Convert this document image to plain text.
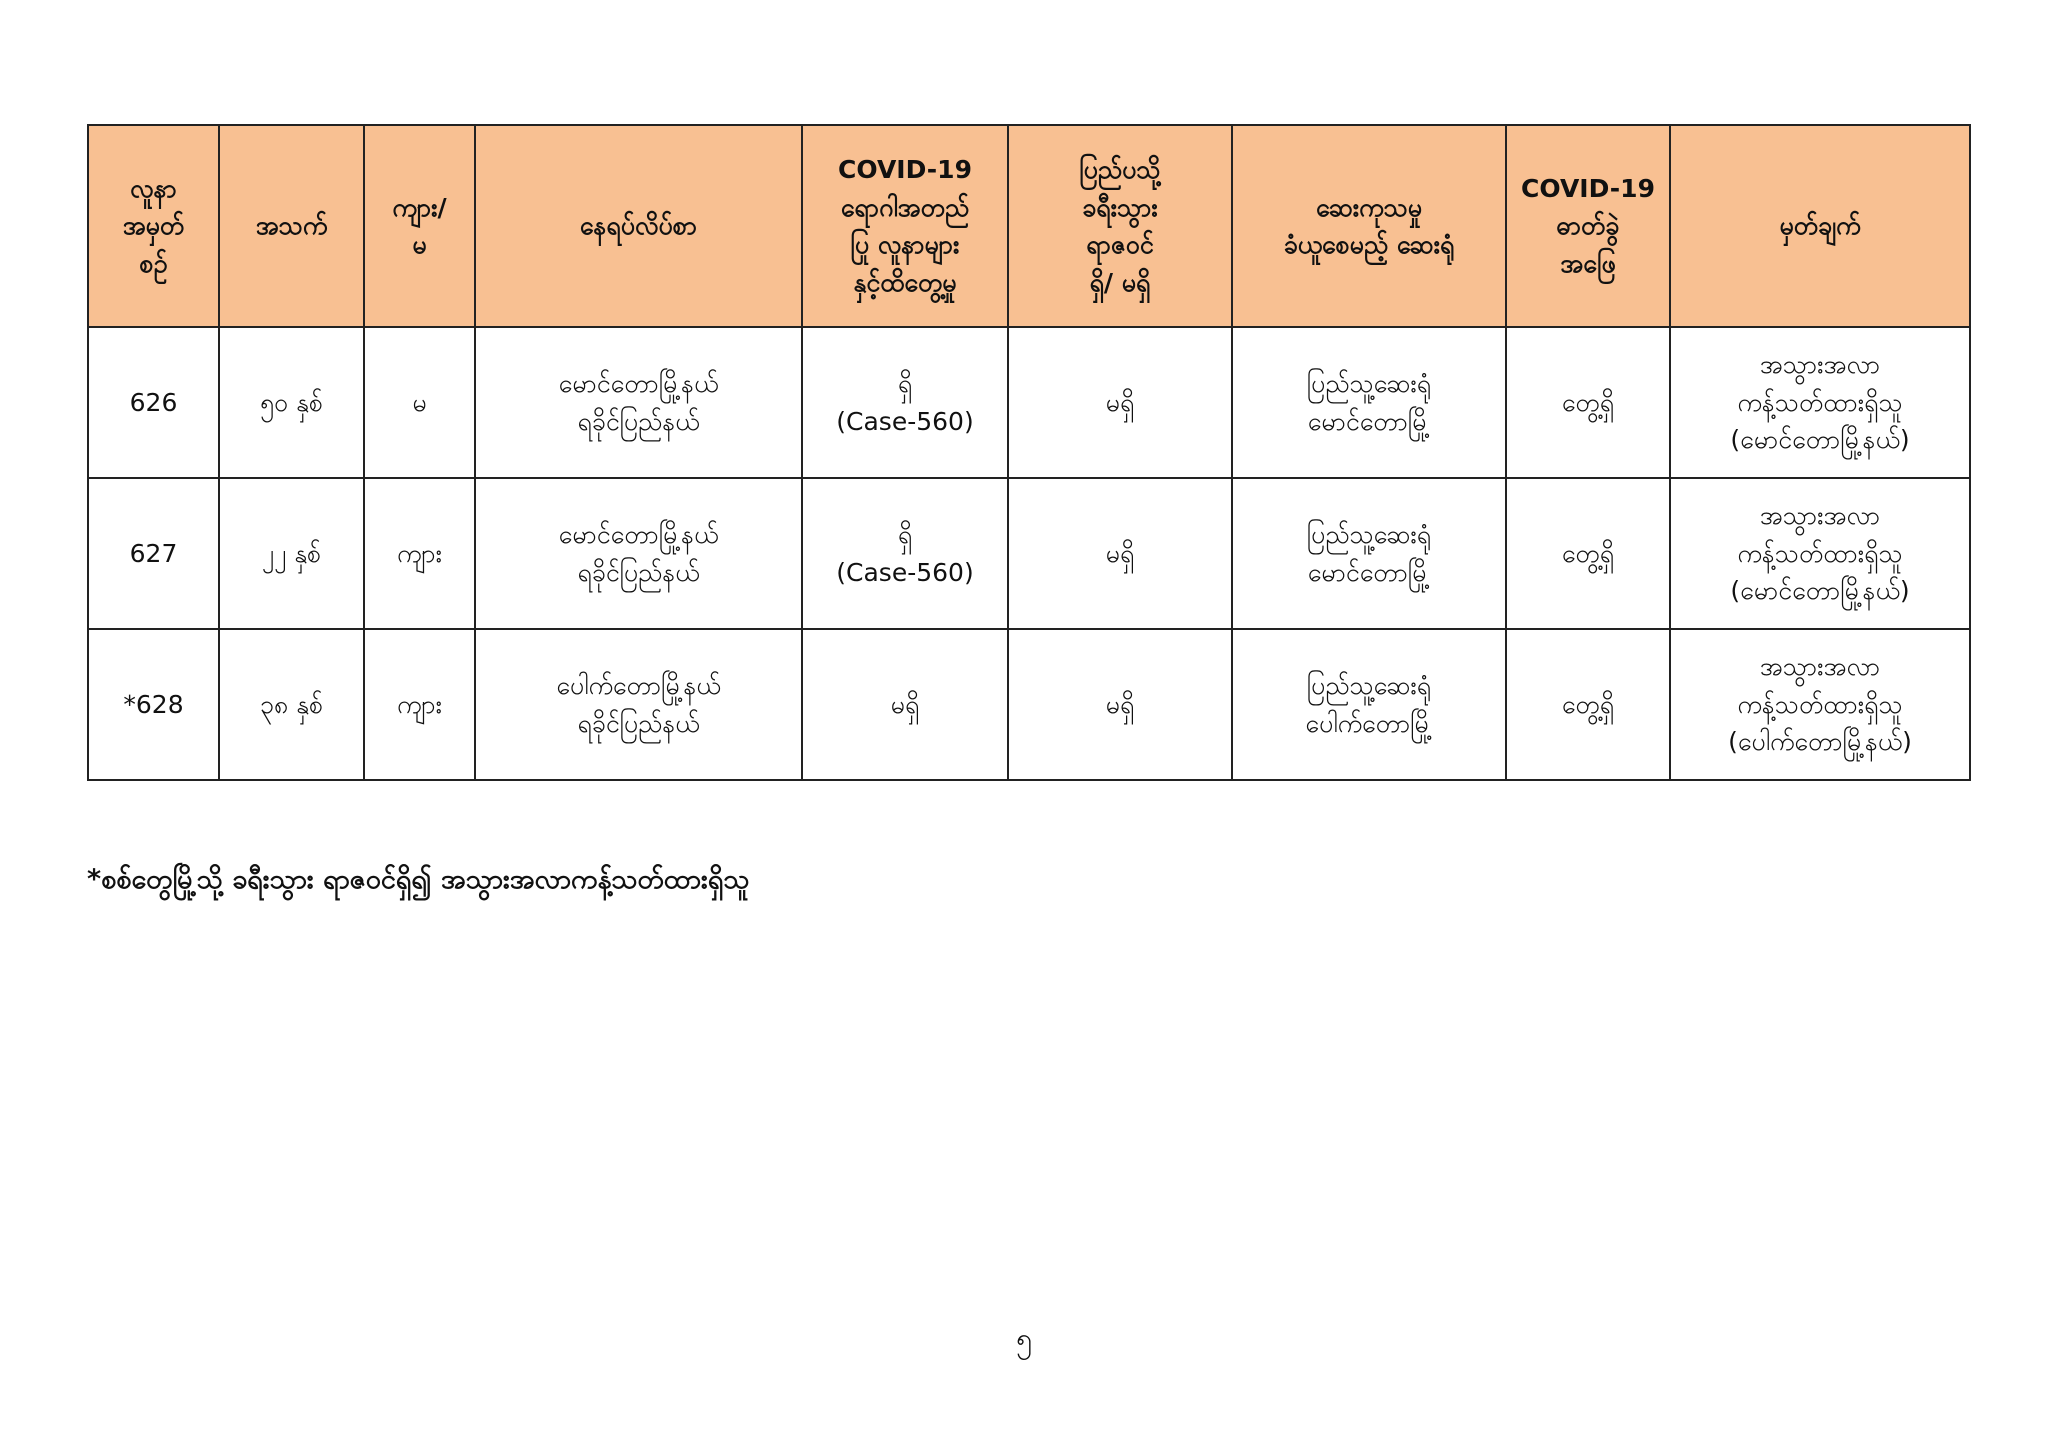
လူနာ
အမှတ်
စဉ်	အသက်	ကျား/
မ	နေရပ်လိပ်စာ	COVID-19
ရောဂါအတည်
ပြု လူနာများ
နှင့်ထိတွေ့မှု	ပြည်ပသို့
ခရီးသွား
ရာဇဝင်
ရှိ/ မရှိ	ဆေးကုသမှု
ခံယူစေမည့် ဆေးရုံ	COVID-19
ဓာတ်ခွဲ
အဖြေ	မှတ်ချက်

626	၅၀ နှစ်	မ	မောင်တောမြို့နယ်
ရခိုင်ပြည်နယ်	ရှိ
(Case-560)	မရှိ	ပြည်သူ့ဆေးရုံ
မောင်တောမြို့	တွေ့ရှိ	အသွားအလာ
ကန့်သတ်ထားရှိသူ
(မောင်တောမြို့နယ်)

627	၂၂ နှစ်	ကျား	မောင်တောမြို့နယ်
ရခိုင်ပြည်နယ်	ရှိ
(Case-560)	မရှိ	ပြည်သူ့ဆေးရုံ
မောင်တောမြို့	တွေ့ရှိ	အသွားအလာ
ကန့်သတ်ထားရှိသူ
(မောင်တောမြို့နယ်)

*628	၃၈ နှစ်	ကျား	ပေါက်တောမြို့နယ်
ရခိုင်ပြည်နယ်	မရှိ	မရှိ	ပြည်သူ့ဆေးရုံ
ပေါက်တောမြို့	တွေ့ရှိ	အသွားအလာ
ကန့်သတ်ထားရှိသူ
(ပေါက်တောမြို့နယ်)
*စစ်တွေမြို့သို့ ခရီးသွား ရာဇဝင်ရှိ၍ အသွားအလာကန့်သတ်ထားရှိသူ
၅
